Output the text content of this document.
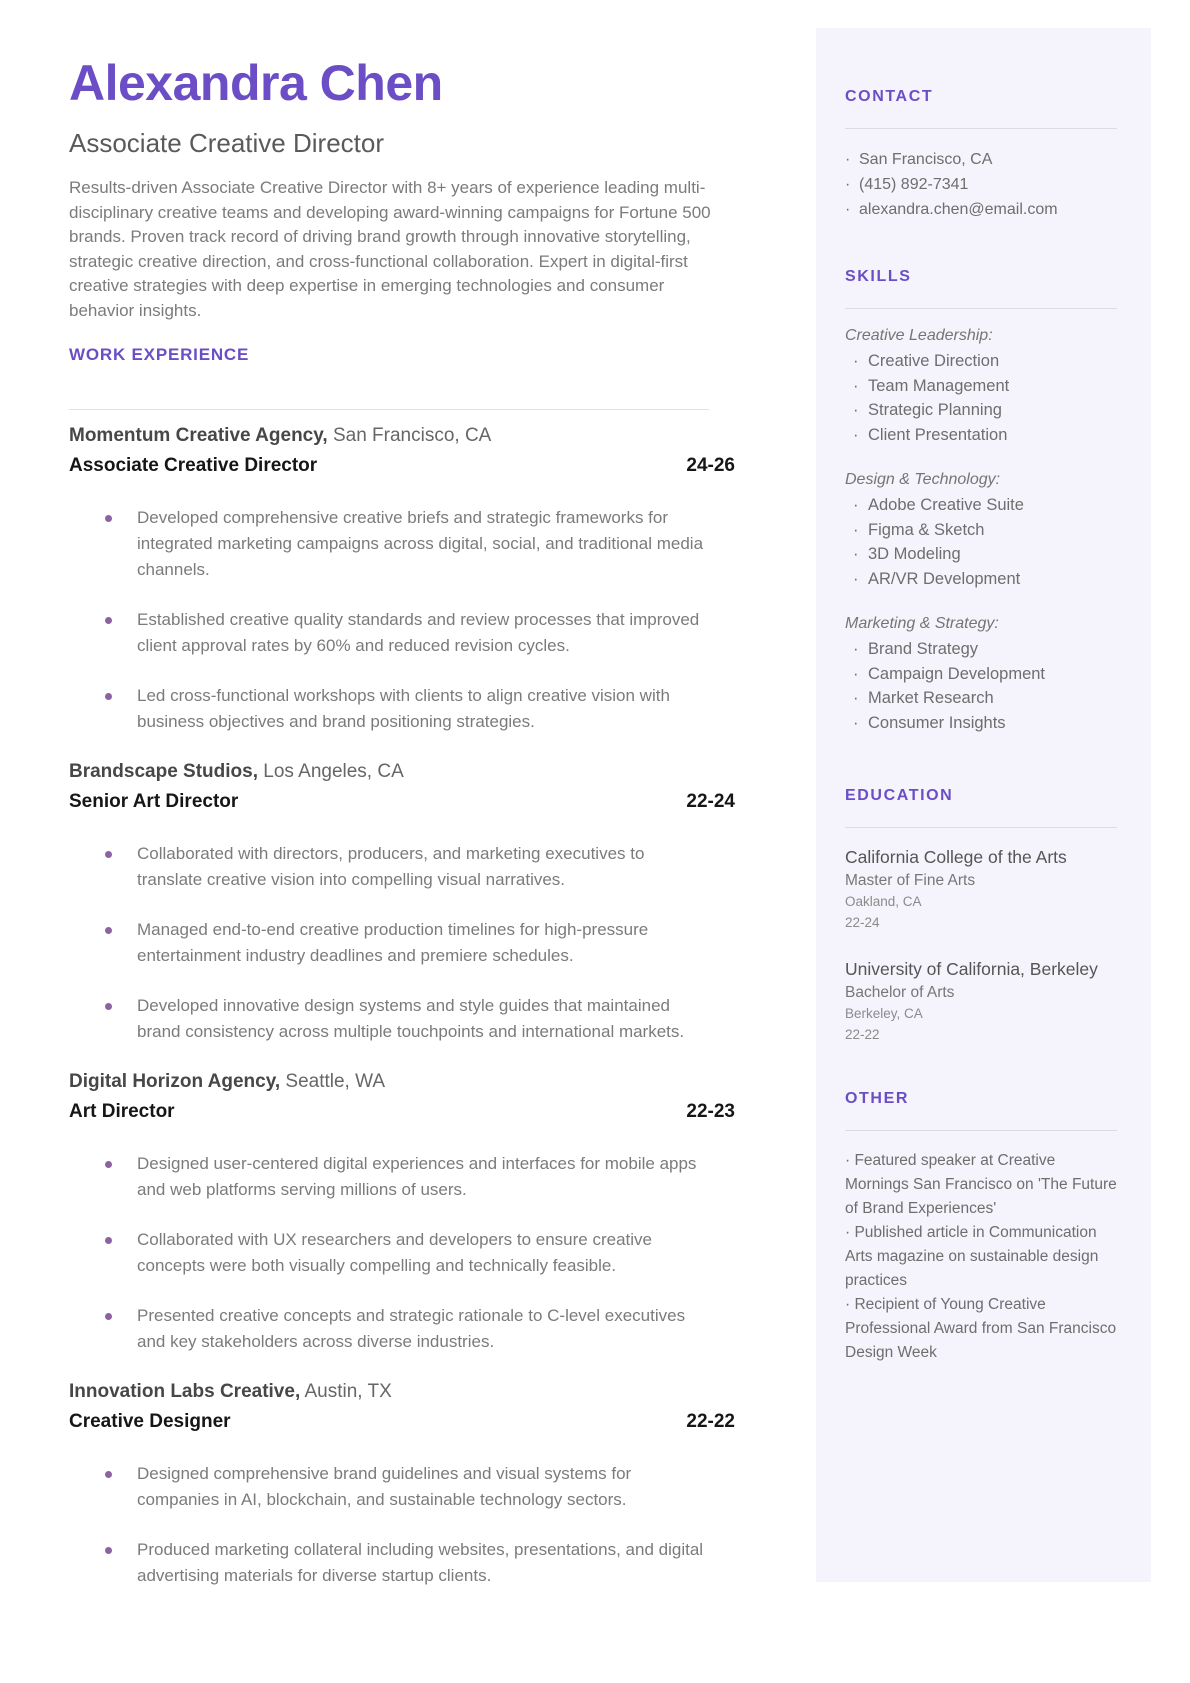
Alexandra Chen
Associate Creative Director

Results-driven Associate Creative Director with 8+ years of experience leading multi-disciplinary creative teams and developing award-winning campaigns for Fortune 500 brands. Proven track record of driving brand growth through innovative storytelling, strategic creative direction, and cross-functional collaboration. Expert in digital-first creative strategies with deep expertise in emerging technologies and consumer behavior insights.

WORK EXPERIENCE
Momentum Creative Agency, San Francisco, CA
Associate Creative Director	24-26
Developed comprehensive creative briefs and strategic frameworks for integrated marketing campaigns across digital, social, and traditional media channels.
Established creative quality standards and review processes that improved client approval rates by 60% and reduced revision cycles.
Led cross-functional workshops with clients to align creative vision with business objectives and brand positioning strategies.
Brandscape Studios, Los Angeles, CA
Senior Art Director	22-24
Collaborated with directors, producers, and marketing executives to translate creative vision into compelling visual narratives.
Managed end-to-end creative production timelines for high-pressure entertainment industry deadlines and premiere schedules.
Developed innovative design systems and style guides that maintained brand consistency across multiple touchpoints and international markets.
Digital Horizon Agency, Seattle, WA
Art Director	22-23
Designed user-centered digital experiences and interfaces for mobile apps and web platforms serving millions of users.
Collaborated with UX researchers and developers to ensure creative concepts were both visually compelling and technically feasible.
Presented creative concepts and strategic rationale to C-level executives and key stakeholders across diverse industries.
Innovation Labs Creative, Austin, TX
Creative Designer	22-22
Designed comprehensive brand guidelines and visual systems for companies in AI, blockchain, and sustainable technology sectors.
Produced marketing collateral including websites, presentations, and digital advertising materials for diverse startup clients.
CONTACT
· San Francisco, CA
· (415) 892-7341
· alexandra.chen@email.com
SKILLS
Creative Leadership:
· Creative Direction
· Team Management
· Strategic Planning
· Client Presentation
Design & Technology:
· Adobe Creative Suite
· Figma & Sketch
· 3D Modeling
· AR/VR Development
Marketing & Strategy:
· Brand Strategy
· Campaign Development
· Market Research
· Consumer Insights
EDUCATION
California College of the Arts
Master of Fine Arts
Oakland, CA
22-24
University of California, Berkeley
Bachelor of Arts
Berkeley, CA
22-22
OTHER
· Featured speaker at Creative Mornings San Francisco on 'The Future of Brand Experiences'
· Published article in Communication Arts magazine on sustainable design practices
· Recipient of Young Creative Professional Award from San Francisco Design Week
